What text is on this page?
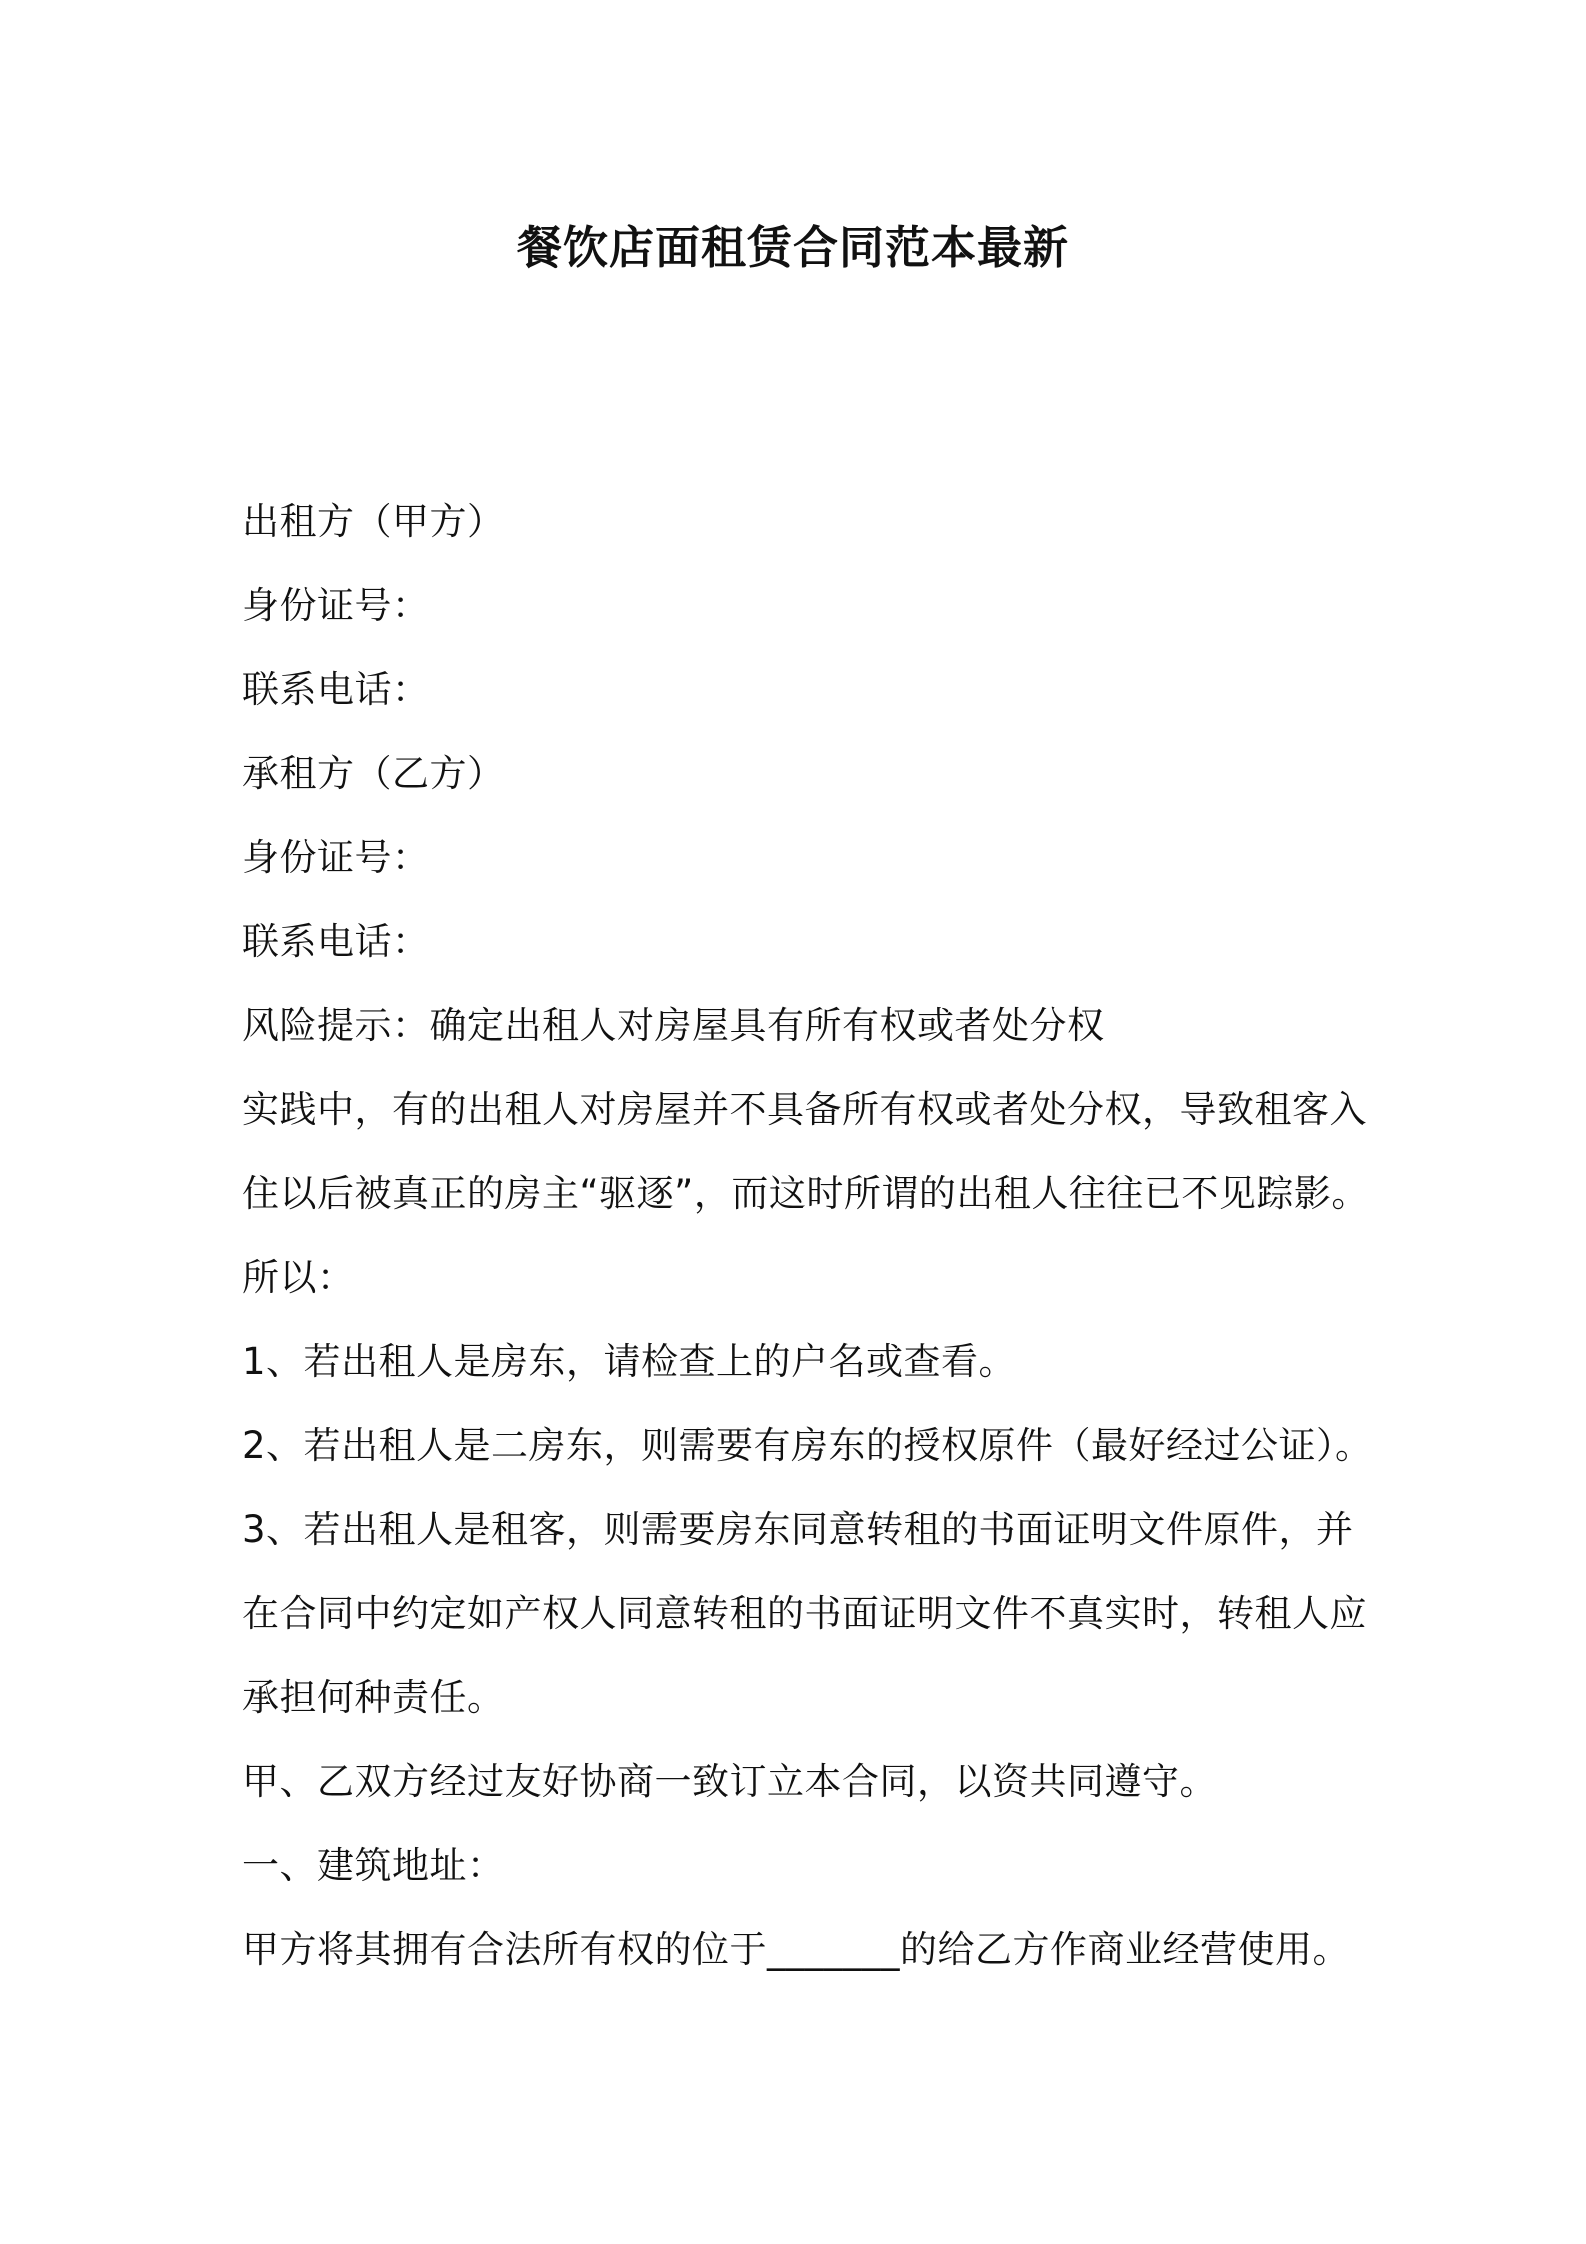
餐饮店面租赁合同范本最新

出租方（甲方）

身份证号：

联系电话：

承租方（乙方）

身份证号：

联系电话：

风险提示：确定出租人对房屋具有所有权或者处分权

实践中，有的出租人对房屋并不具备所有权或者处分权，导致租客入

住以后被真正的房主“驱逐”，而这时所谓的出租人往往已不见踪影。

所以：

1、若出租人是房东，请检查上的户名或查看。

2、若出租人是二房东，则需要有房东的授权原件（最好经过公证）。

3、若出租人是租客，则需要房东同意转租的书面证明文件原件，并

在合同中约定如产权人同意转租的书面证明文件不真实时，转租人应

承担何种责任。

甲、乙双方经过友好协商一致订立本合同，以资共同遵守。

一、建筑地址：

甲方将其拥有合法所有权的位于_______的给乙方作商业经营使用。
